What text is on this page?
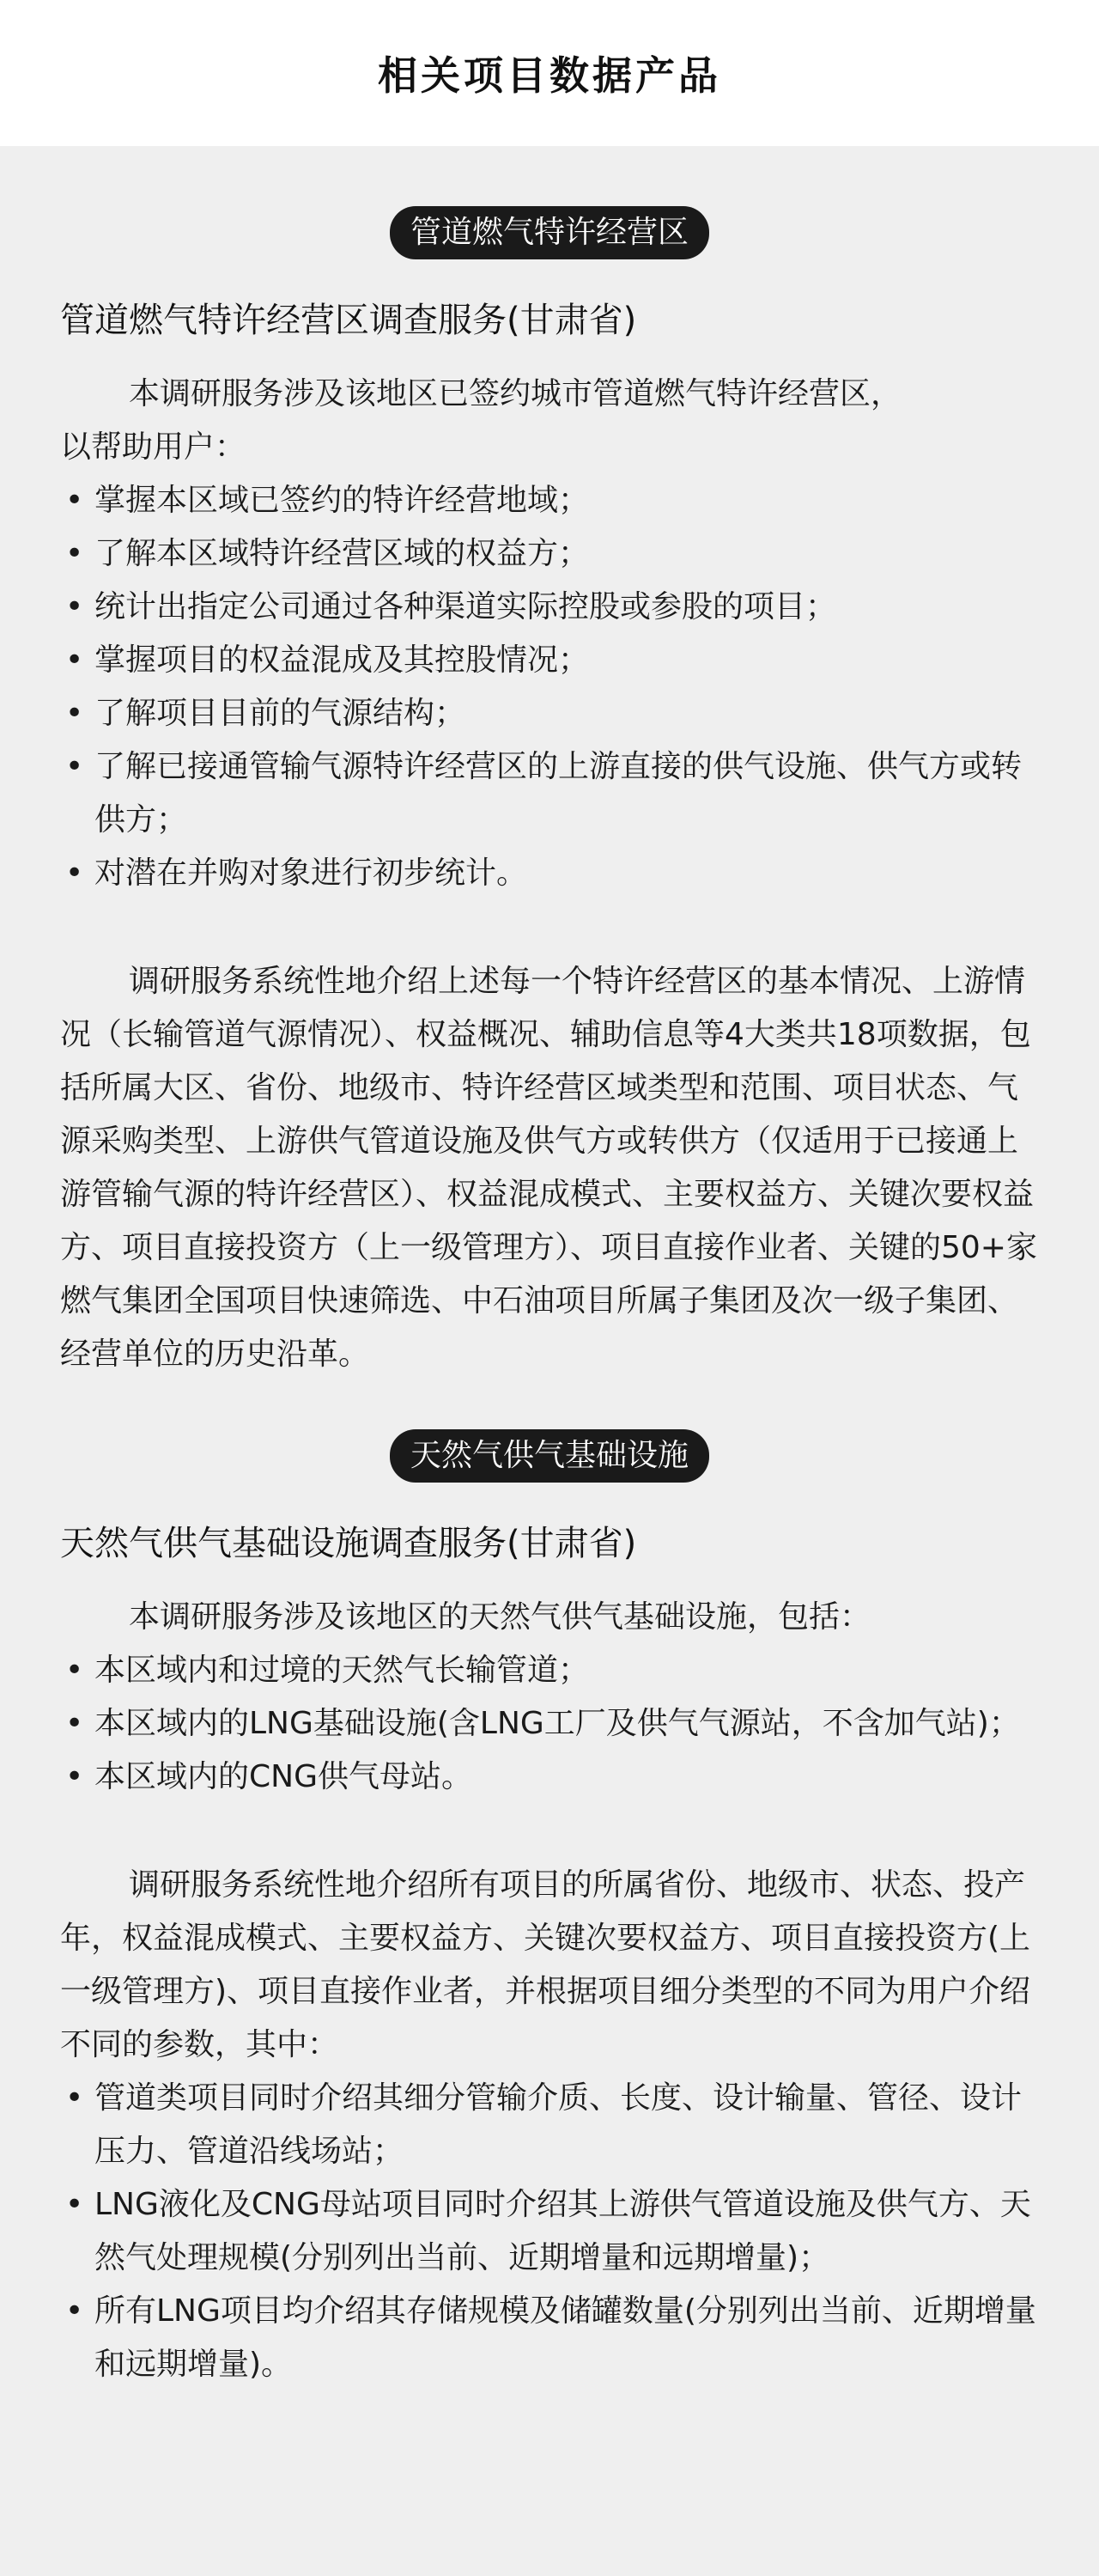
相关项目数据产品
管道燃气特许经营区
管道燃气特许经营区调查服务(甘肃省)

本调研服务涉及该地区已签约城市管道燃气特许经营区，

以帮助用户：

• 掌握本区域已签约的特许经营地域；
• 了解本区域特许经营区域的权益方；
• 统计出指定公司通过各种渠道实际控股或参股的项目；
• 掌握项目的权益混成及其控股情况；
• 了解项目目前的气源结构；
• 了解已接通管输气源特许经营区的上游直接的供气设施、供气方或转供方；
• 对潜在并购对象进行初步统计。

调研服务系统性地介绍上述每一个特许经营区的基本情况、上游情况（长输管道气源情况）、权益概况、辅助信息等4大类共18项数据，包括所属大区、省份、地级市、特许经营区域类型和范围、项目状态、气源采购类型、上游供气管道设施及供气方或转供方（仅适用于已接通上游管输气源的特许经营区）、权益混成模式、主要权益方、关键次要权益方、项目直接投资方（上一级管理方）、项目直接作业者、关键的50+家燃气集团全国项目快速筛选、中石油项目所属子集团及次一级子集团、经营单位的历史沿革。

天然气供气基础设施
天然气供气基础设施调查服务(甘肃省)

本调研服务涉及该地区的天然气供气基础设施，包括：

• 本区域内和过境的天然气长输管道；
• 本区域内的LNG基础设施(含LNG工厂及供气气源站，不含加气站)；
• 本区域内的CNG供气母站。

调研服务系统性地介绍所有项目的所属省份、地级市、状态、投产年，权益混成模式、主要权益方、关键次要权益方、项目直接投资方(上一级管理方)、项目直接作业者，并根据项目细分类型的不同为用户介绍不同的参数，其中：

• 管道类项目同时介绍其细分管输介质、长度、设计输量、管径、设计压力、管道沿线场站；
• LNG液化及CNG母站项目同时介绍其上游供气管道设施及供气方、天然气处理规模(分别列出当前、近期增量和远期增量)；
• 所有LNG项目均介绍其存储规模及储罐数量(分别列出当前、近期增量和远期增量)。
